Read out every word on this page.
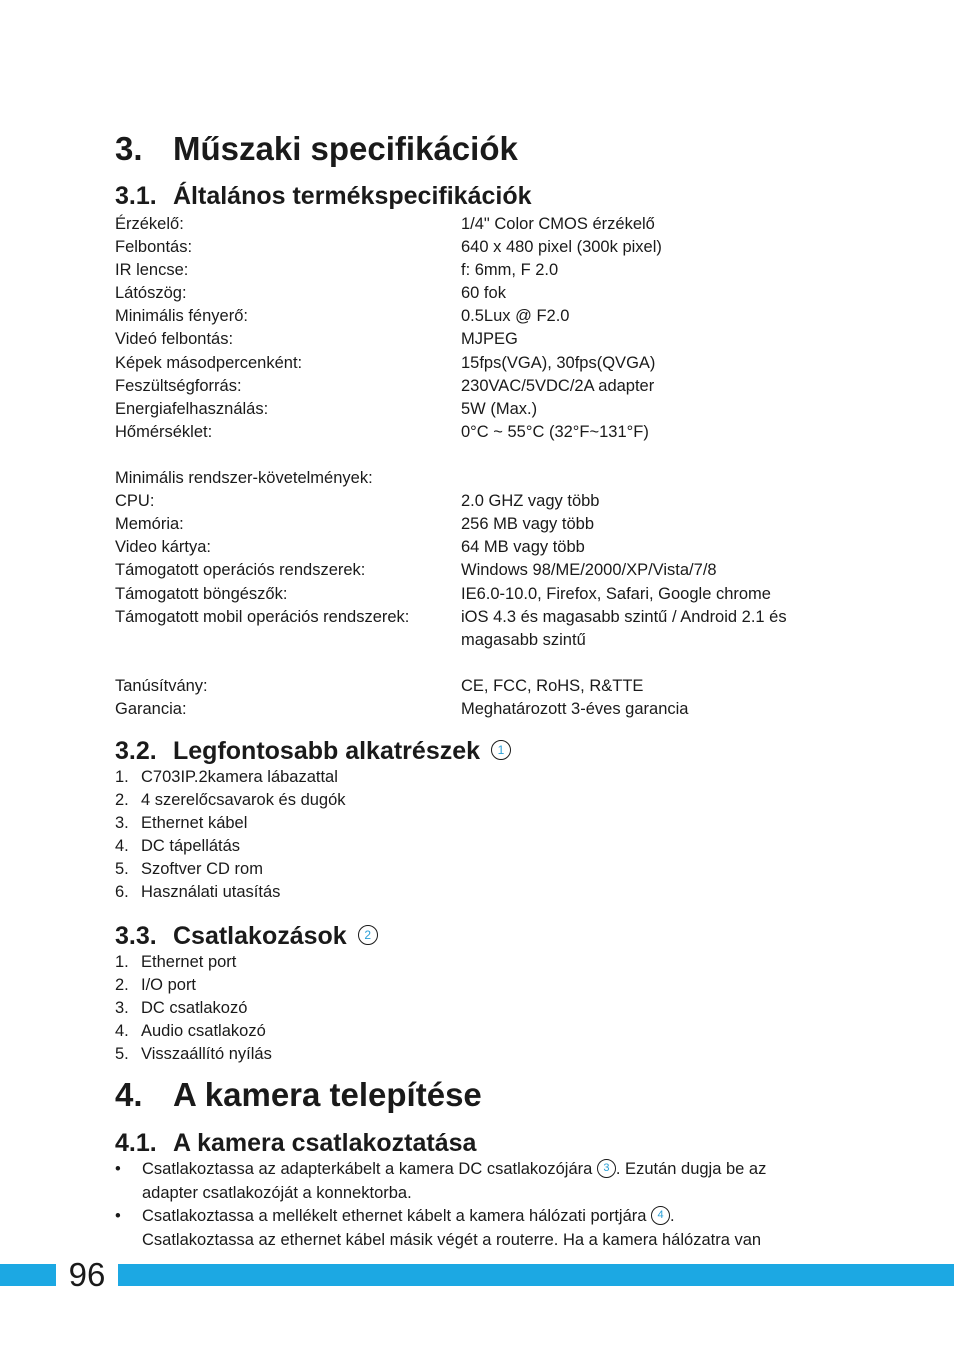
3. Műszaki specifikációk
3.1. Általános termékspecifikációk
Érzékelő:	1/4" Color CMOS érzékelő
Felbontás:	640 x 480 pixel (300k pixel)
IR lencse:	f: 6mm, F 2.0
Látószög:	60 fok
Minimális fényerő:	0.5Lux @ F2.0
Videó felbontás:	MJPEG
Képek másodpercenként:	15fps(VGA), 30fps(QVGA)
Feszültségforrás:	230VAC/5VDC/2A adapter
Energiafelhasználás:	5W (Max.)
Hőmérséklet:	0°C ~ 55°C (32°F~131°F)
Minimális rendszer-követelmények:
CPU:	2.0 GHZ vagy több
Memória:	256 MB vagy több
Video kártya:	64 MB vagy több
Támogatott operációs rendszerek:	Windows 98/ME/2000/XP/Vista/7/8
Támogatott böngészők:	IE6.0-10.0, Firefox, Safari, Google chrome
Támogatott mobil operációs rendszerek:	iOS 4.3 és magasabb szintű / Android 2.1 és
magasabb szintű
Tanúsítvány:	CE, FCC, RoHS, R&TTE
Garancia:	Meghatározott 3-éves garancia
3.2. Legfontosabb alkatrészek 1
1. C703IP.2kamera lábazattal
2. 4 szerelőcsavarok és dugók
3. Ethernet kábel
4. DC tápellátás
5. Szoftver CD rom
6. Használati utasítás
3.3. Csatlakozások 2
1. Ethernet port
2. I/O port
3. DC csatlakozó
4. Audio csatlakozó
5. Visszaállító nyílás
4. A kamera telepítése
4.1. A kamera csatlakoztatása
•	Csatlakoztassa az adapterkábelt a kamera DC csatlakozójára 3 . Ezután dugja be az
adapter csatlakozóját a konnektorba.
•	Csatlakoztassa a mellékelt ethernet kábelt a kamera hálózati portjára 4 .
Csatlakoztassa az ethernet kábel másik végét a routerre. Ha a kamera hálózatra van
96
